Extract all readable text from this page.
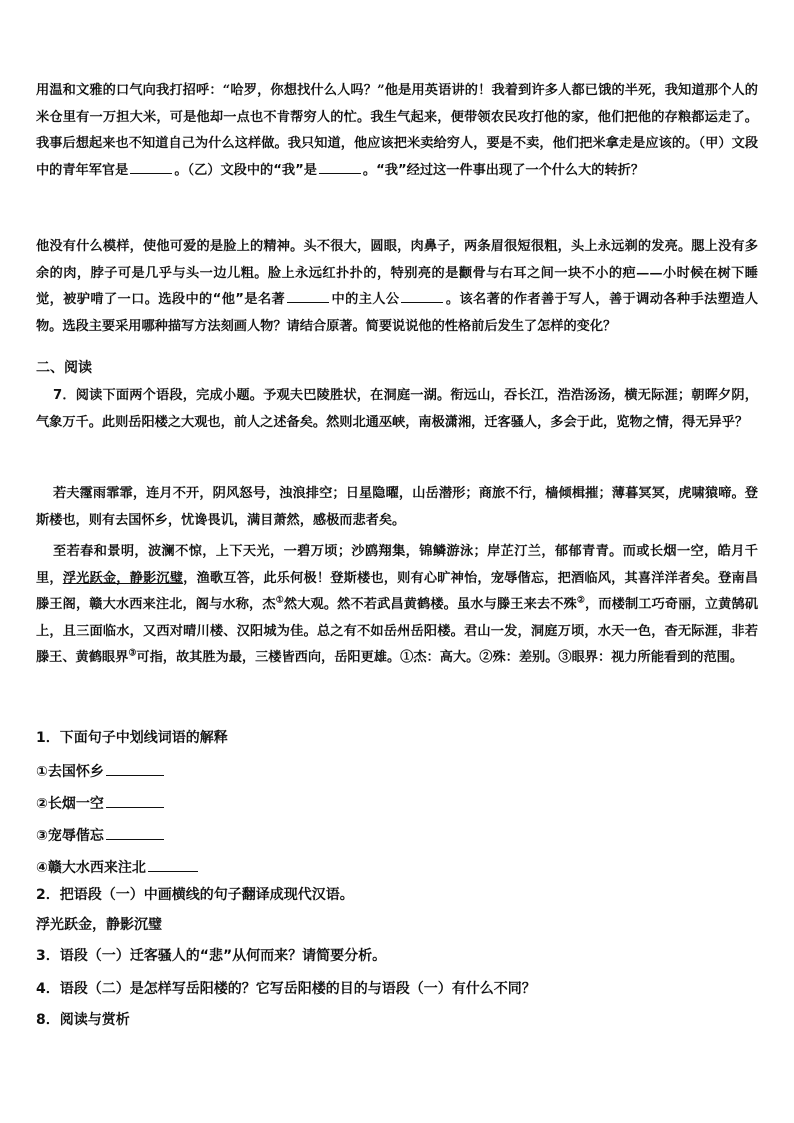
用温和文雅的口气向我打招呼：“哈罗，你想找什么人吗？”他是用英语讲的！我着到许多人都已饿的半死，我知道那个人的米仓里有一万担大米，可是他却一点也不肯帮穷人的忙。我生气起来，便带领农民攻打他的家，他们把他的存粮都运走了。我事后想起来也不知道自己为什么这样做。我只知道，他应该把米卖给穷人，要是不卖，他们把米拿走是应该的。（甲）文段中的青年军官是	。（乙）文段中的“我”是	。“我”经过这一件事出现了一个什么大的转折？

他没有什么模样，使他可爱的是脸上的精神。头不很大，圆眼，肉鼻子，两条眉很短很粗，头上永远剃的发亮。腮上没有多余的肉，脖子可是几乎与头一边儿粗。脸上永远红扑扑的，特别亮的是颧骨与右耳之间一块不小的疤——小时候在树下睡觉，被驴啃了一口。选段中的“他”是名著	中的主人公	。该名著的作者善于写人，善于调动各种手法塑造人物。选段主要采用哪种描写方法刻画人物？请结合原著。简要说说他的性格前后发生了怎样的变化？

二、阅读

7．阅读下面两个语段，完成小题。予观夫巴陵胜状，在洞庭一湖。衔远山，吞长江，浩浩汤汤，横无际涯；朝晖夕阴，气象万千。此则岳阳楼之大观也，前人之述备矣。然则北通巫峡，南极潇湘，迁客骚人，多会于此，览物之情，得无异乎？

若夫霪雨霏霏，连月不开，阴风怒号，浊浪排空；日星隐曜，山岳潜形；商旅不行，樯倾楫摧；薄暮冥冥，虎啸猿啼。登斯楼也，则有去国怀乡，忧谗畏讥，满目萧然，感极而悲者矣。

至若春和景明，波澜不惊，上下天光，一碧万顷；沙鸥翔集，锦鳞游泳；岸芷汀兰，郁郁青青。而或长烟一空，皓月千里，浮光跃金，静影沉璧，渔歌互答，此乐何极！登斯楼也，则有心旷神怡，宠辱偕忘，把酒临风，其喜洋洋者矣。登南昌滕王阁，赣大水西来注北，阁与水称，杰①然大观。然不若武昌黄鹤楼。虽水与滕王来去不殊②，而楼制工巧奇丽，立黄鹄矶上，且三面临水，又西对晴川楼、汉阳城为佳。总之有不如岳州岳阳楼。君山一发，洞庭万顷，水天一色，杳无际涯，非若滕王、黄鹤眼界③可指，故其胜为最，三楼皆西向，岳阳更雄。①杰：高大。②殊：差别。③眼界：视力所能看到的范围。

1．下面句子中划线词语的解释
①去国怀乡
②长烟一空
③宠辱偕忘
④赣大水西来注北
2．把语段（一）中画横线的句子翻译成现代汉语。
浮光跃金，静影沉璧
3．语段（一）迁客骚人的“悲”从何而来？请简要分析。
4．语段（二）是怎样写岳阳楼的？它写岳阳楼的目的与语段（一）有什么不同？
8．阅读与赏析
